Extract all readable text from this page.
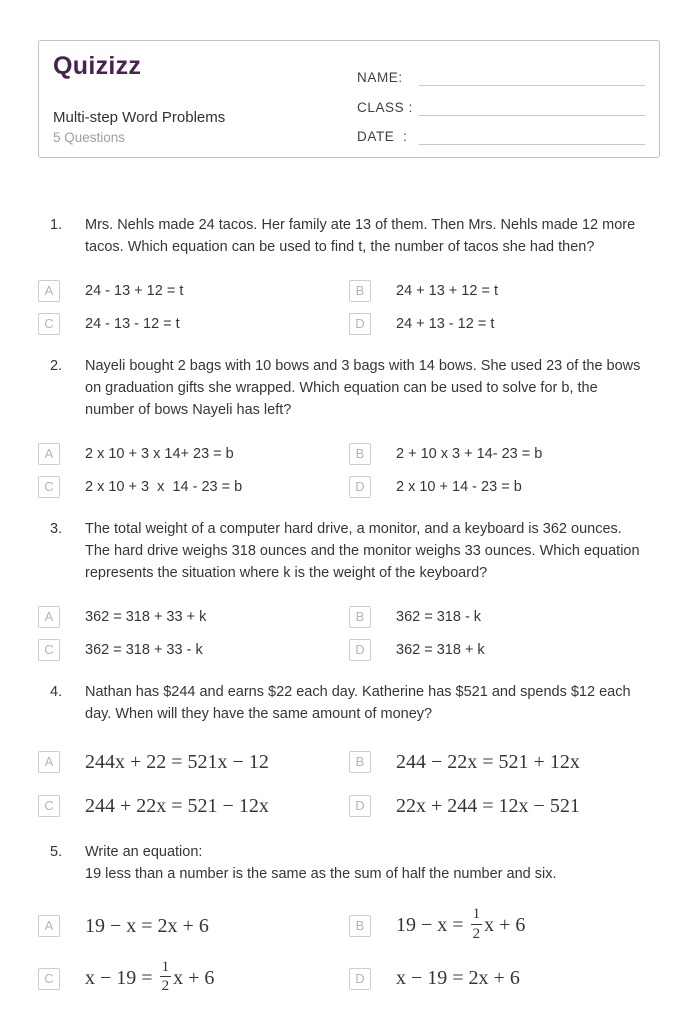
Quizizz
Multi-step Word Problems
5 Questions
NAME:
CLASS :
DATE  :
1.	Mrs. Nehls made 24 tacos. Her family ate 13 of them. Then Mrs. Nehls made 12 more tacos. Which equation can be used to find t, the number of tacos she had then?
A	24 - 13 + 12 = t	B	24 + 13 + 12 = t
C	24 - 13 - 12 = t	D	24 + 13 - 12 = t
2.	Nayeli bought 2 bags with 10 bows and 3 bags with 14 bows. She used 23 of the bows on graduation gifts she wrapped. Which equation can be used to solve for b, the number of bows Nayeli has left?
A	2 x 10 + 3 x 14+ 23 = b	B	2 + 10 x 3 + 14- 23 = b
C	2 x 10 + 3  x  14 - 23 = b	D	2 x 10 + 14 - 23 = b
3.	The total weight of a computer hard drive, a monitor, and a keyboard is 362 ounces. The hard drive weighs 318 ounces and the monitor weighs 33 ounces. Which equation represents the situation where k is the weight of the keyboard?
A	362 = 318 + 33 + k	B	362 = 318 - k
C	362 = 318 + 33 - k	D	362 = 318 + k
4.	Nathan has $244 and earns $22 each day. Katherine has $521 and spends $12 each day. When will they have the same amount of money?
A	244x + 22 = 521x − 12	B	244 − 22x = 521 + 12x
C	244 + 22x = 521 − 12x	D	22x + 244 = 12x − 521
5.	Write an equation:
19 less than a number is the same as the sum of half the number and six.
A	19 − x = 2x + 6	B	$19 - x = \frac{1}{2}$ x + 6
C	$x - 19 = \frac{1}{2}$ x + 6	D	x − 19 = 2x + 6
